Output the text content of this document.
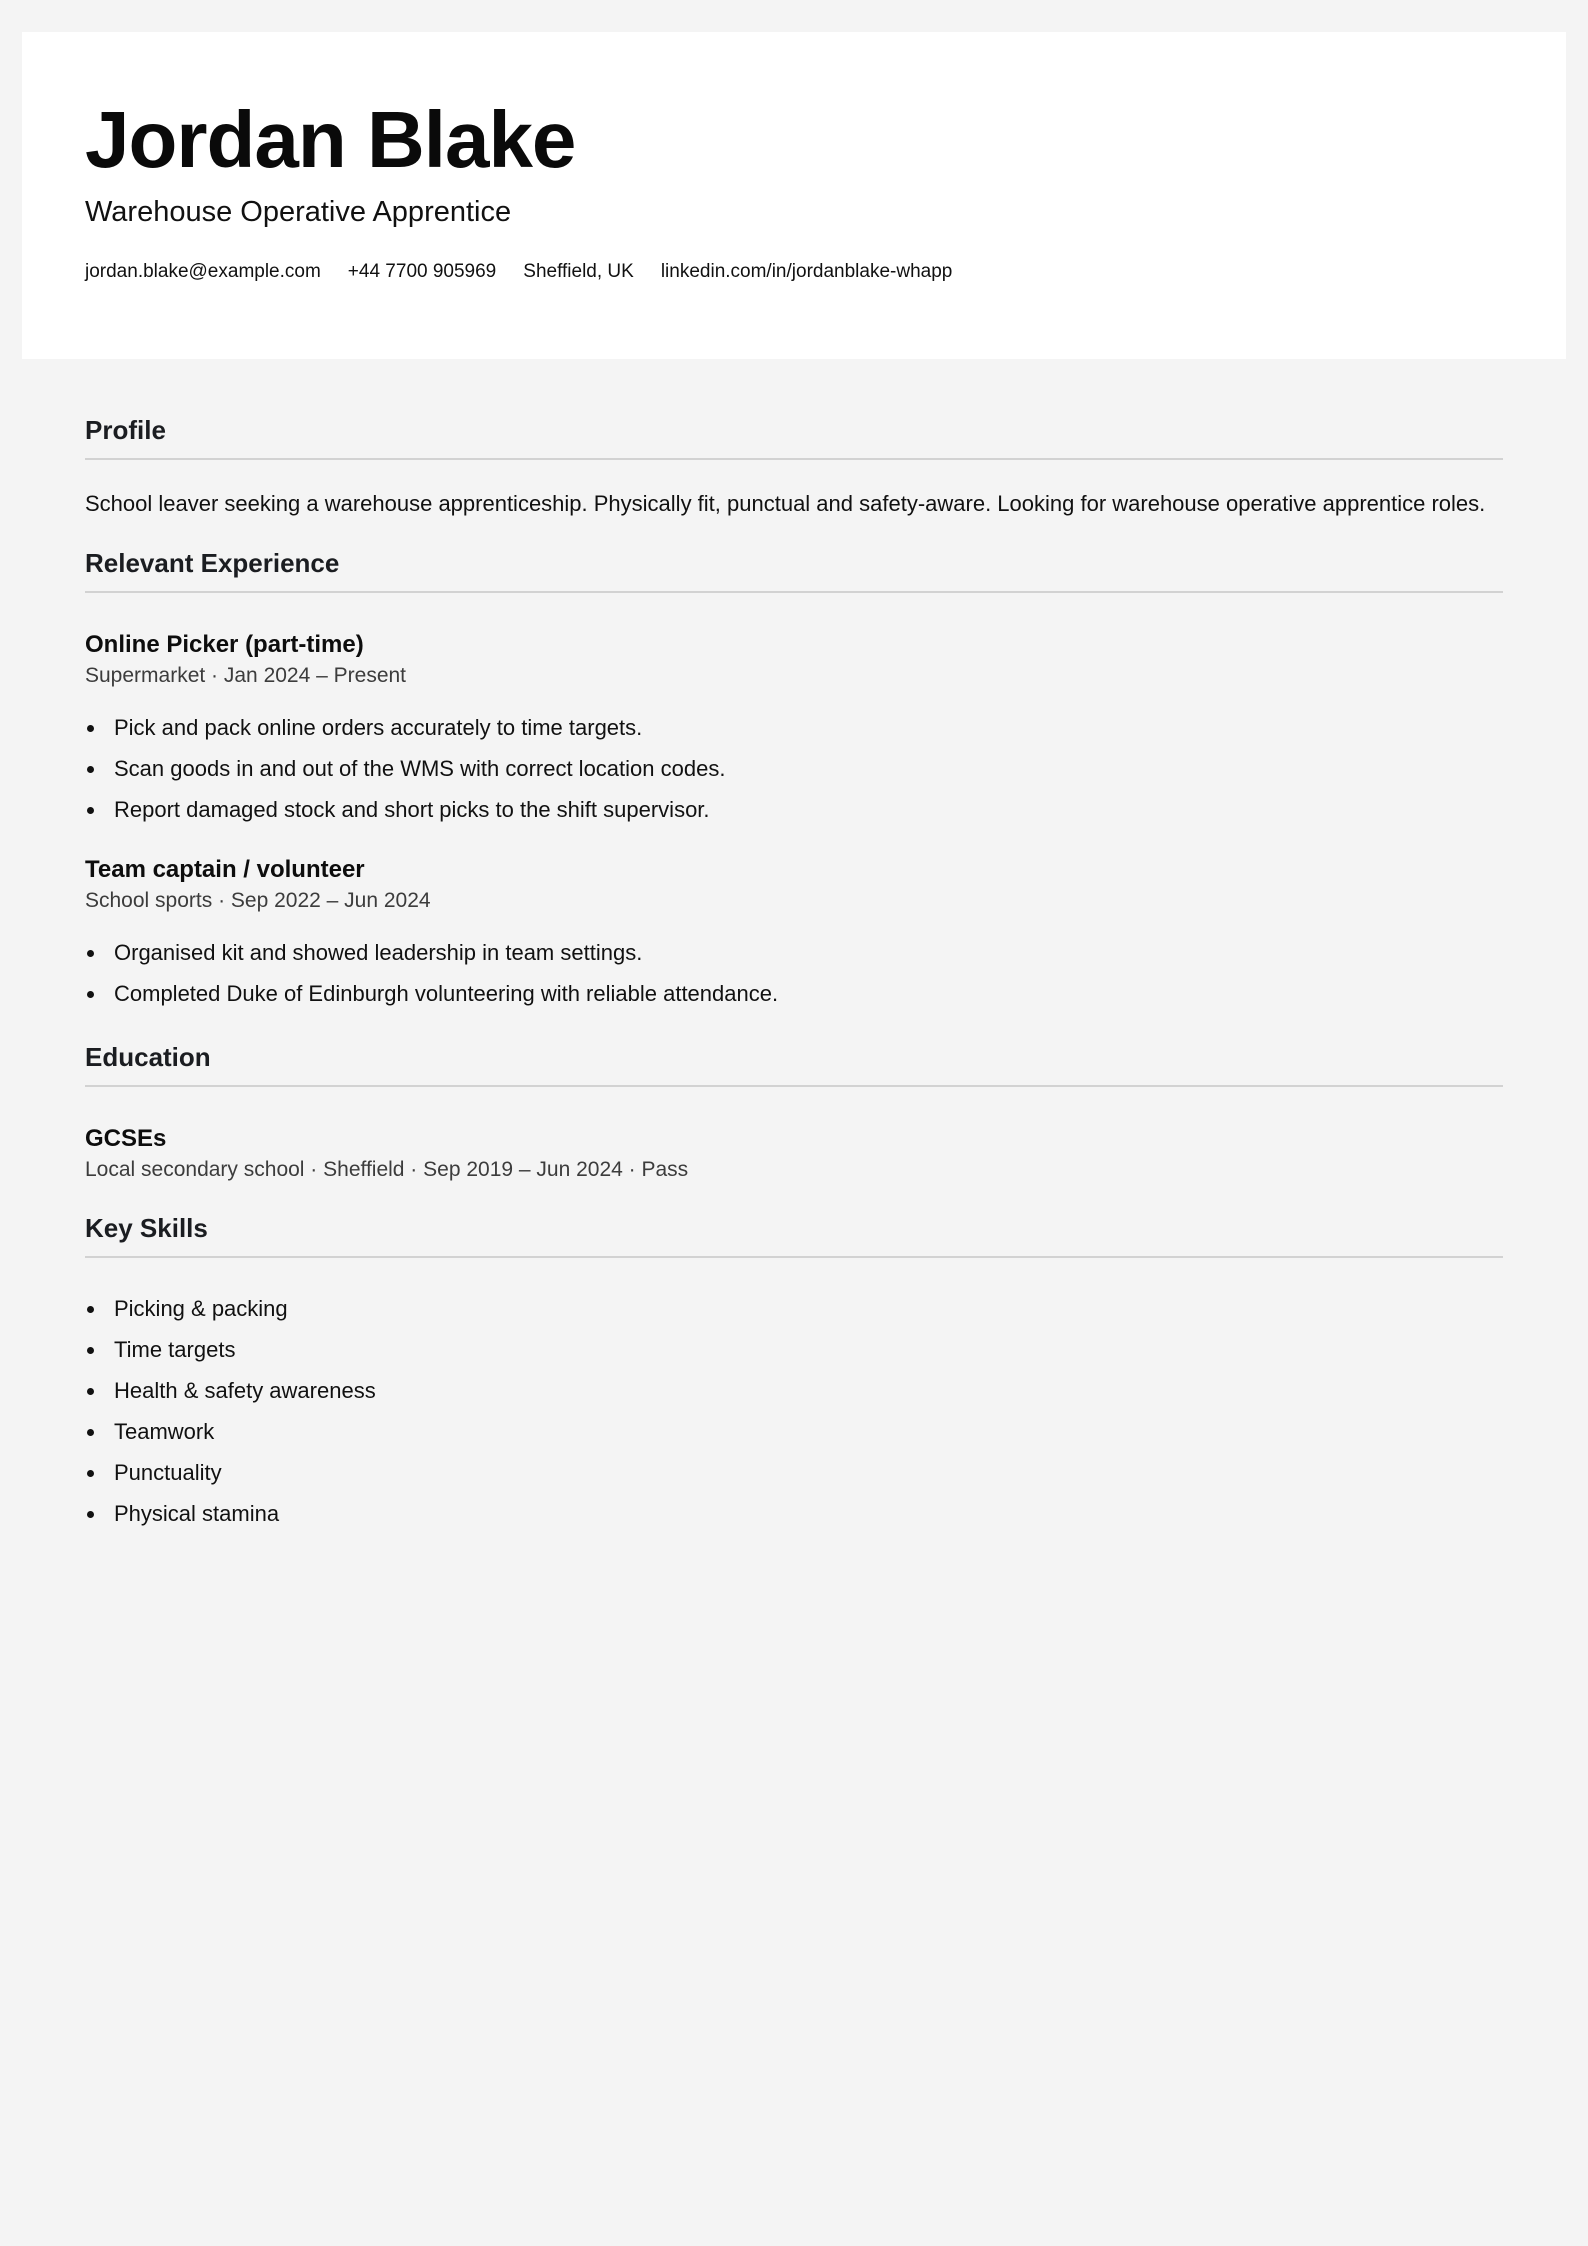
Jordan Blake
Warehouse Operative Apprentice
jordan.blake@example.com +44 7700 905969 Sheffield, UK linkedin.com/in/jordanblake-whapp
Profile

School leaver seeking a warehouse apprenticeship. Physically fit, punctual and safety-aware. Looking for warehouse operative apprentice roles.

Relevant Experience
Online Picker (part-time)

Supermarket · Jan 2024 – Present

Pick and pack online orders accurately to time targets.
Scan goods in and out of the WMS with correct location codes.
Report damaged stock and short picks to the shift supervisor.
Team captain / volunteer

School sports · Sep 2022 – Jun 2024

Organised kit and showed leadership in team settings.
Completed Duke of Edinburgh volunteering with reliable attendance.
Education
GCSEs

Local secondary school · Sheffield · Sep 2019 – Jun 2024 · Pass

Key Skills
Picking & packing
Time targets
Health & safety awareness
Teamwork
Punctuality
Physical stamina
